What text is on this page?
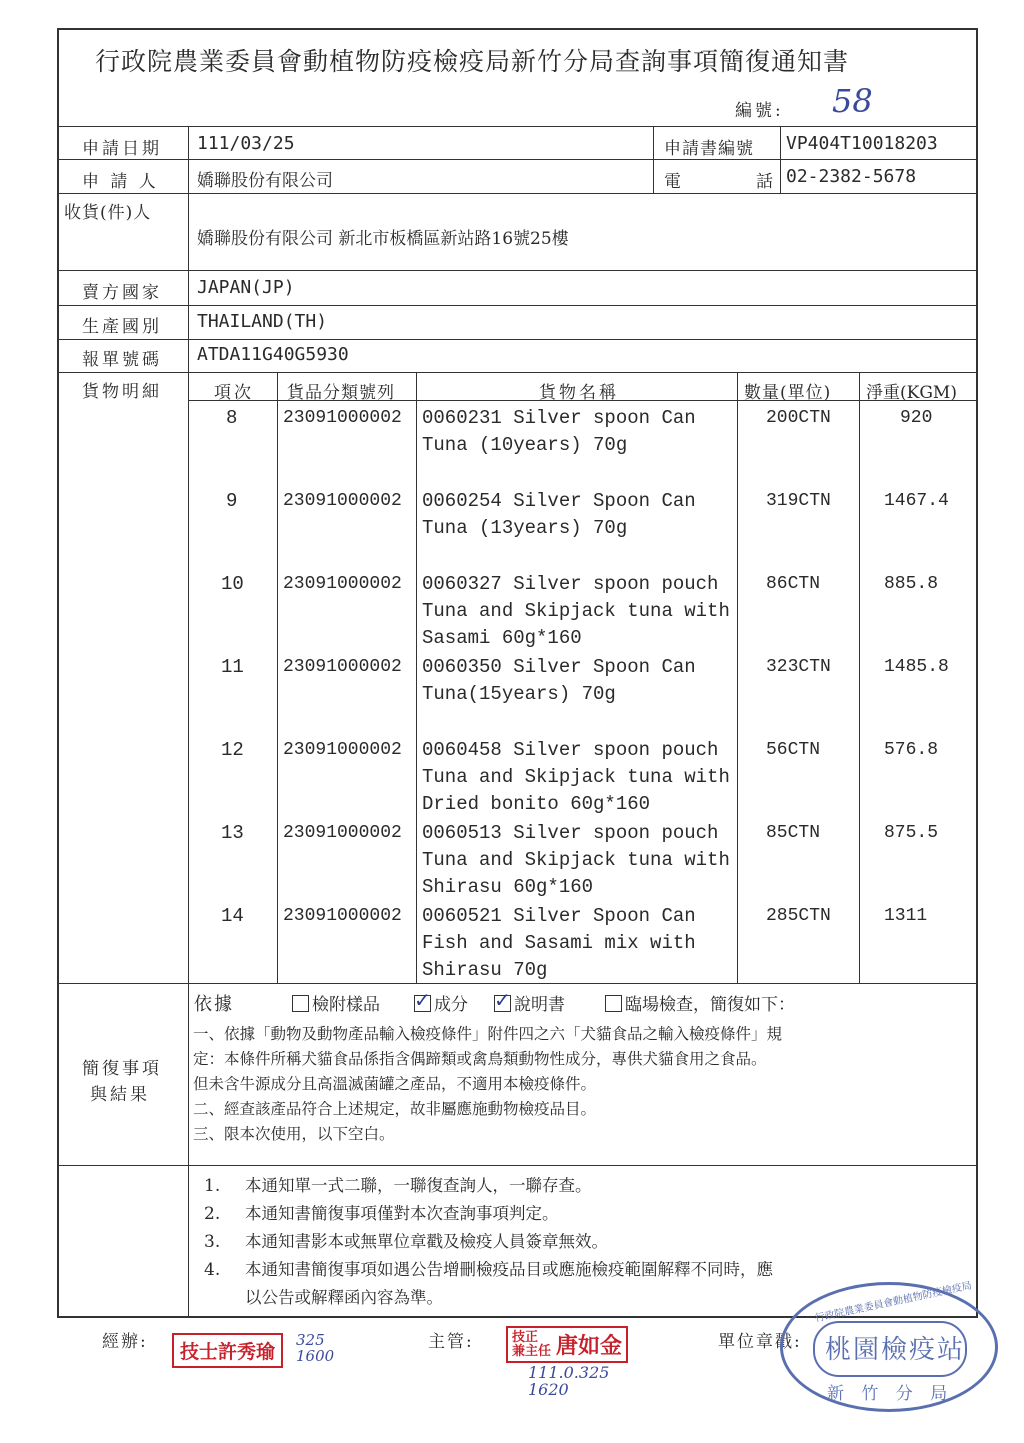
行政院農業委員會動植物防疫檢疫局新竹分局查詢事項簡復通知書
編號: 58
申請日期 111/03/25	申請書編號 VP404T10018203
申 請 人 嬌聯股份有限公司	電	話 02-2382-5678
收貨(件)人
嬌聯股份有限公司 新北市板橋區新站路16號25樓
賣方國家 JAPAN(JP)
生產國別 THAILAND(TH)
報單號碼 ATDA11G40G5930
貨物明細	項次 貨品分類號列	貨物名稱	數量(單位) 淨重(KGM)
8	23091000002 0060231 Silver spoon Can
Tuna (10years) 70g
200CTN	920
9	23091000002 0060254 Silver Spoon Can
Tuna (13years) 70g
319CTN	1467.4
10 23091000002 0060327 Silver spoon pouch
Tuna and Skipjack tuna with
Sasami 60g*160
86CTN	885.8
11 23091000002 0060350 Silver Spoon Can
Tuna(15years) 70g
323CTN	1485.8
12 23091000002 0060458 Silver spoon pouch
Tuna and Skipjack tuna with
Dried bonito 60g*160
56CTN	576.8
13 23091000002 0060513 Silver spoon pouch
Tuna and Skipjack tuna with
Shirasu 60g*160
85CTN	875.5
14 23091000002 0060521 Silver Spoon Can
Fish and Sasami mix with
Shirasu 70g
285CTN	1311
簡復事項
與結果
依據	檢附樣品 ✓	成分 ✓	說明書	臨場檢查，簡復如下：
一、依據「動物及動物產品輸入檢疫條件」附件四之六「犬貓食品之輸入檢疫條件」規
定：本條件所稱犬貓食品係指含偶蹄類或禽鳥類動物性成分，專供犬貓食用之食品。
但未含牛源成分且高溫滅菌罐之產品，不適用本檢疫條件。
二、經查該產品符合上述規定，故非屬應施動物檢疫品目。
三、限本次使用，以下空白。
1. 本通知單一式二聯，一聯復查詢人，一聯存查。
2. 本通知書簡復事項僅對本次查詢事項判定。
3. 本通知書影本或無單位章戳及檢疫人員簽章無效。
4. 本通知書簡復事項如遇公告增刪檢疫品目或應施檢疫範圍解釋不同時，應
以公告或解釋函內容為準。
經辦:	技士許秀瑜
325 1600
主管:	技正 兼主任 唐如金
111.0.325 1620
單位章戳:
行政院農業委員會動植物防疫檢疫局
桃園檢疫站
新 竹 分 局
